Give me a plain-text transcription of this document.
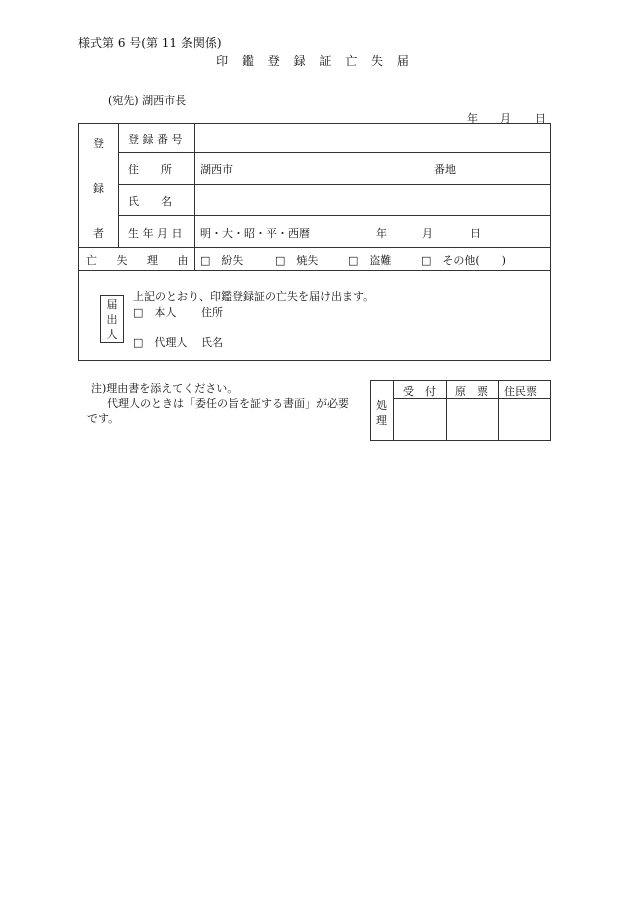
様式第 6 号(第 11 条関係)
印 鑑 登 録 証 亡 失 届
(宛先) 湖西市長
年 月 日
登
録
者
登 録 番 号
住　　所	湖西市	番地
氏　　名
生 年 月 日 明・大・昭・平・西暦	年	月	日
亡 失 理 由 □　紛失	□　焼失	□　盗難	□　その他(　　)
上記のとおり、印鑑登録証の亡失を届け出ます。
届
出
人
□　本人 住所
□　代理人 氏名
注)理由書を添えてください。
代理人のときは「委任の旨を証する書面」が必要
です。
処
理
受　付 原　票 住民票
